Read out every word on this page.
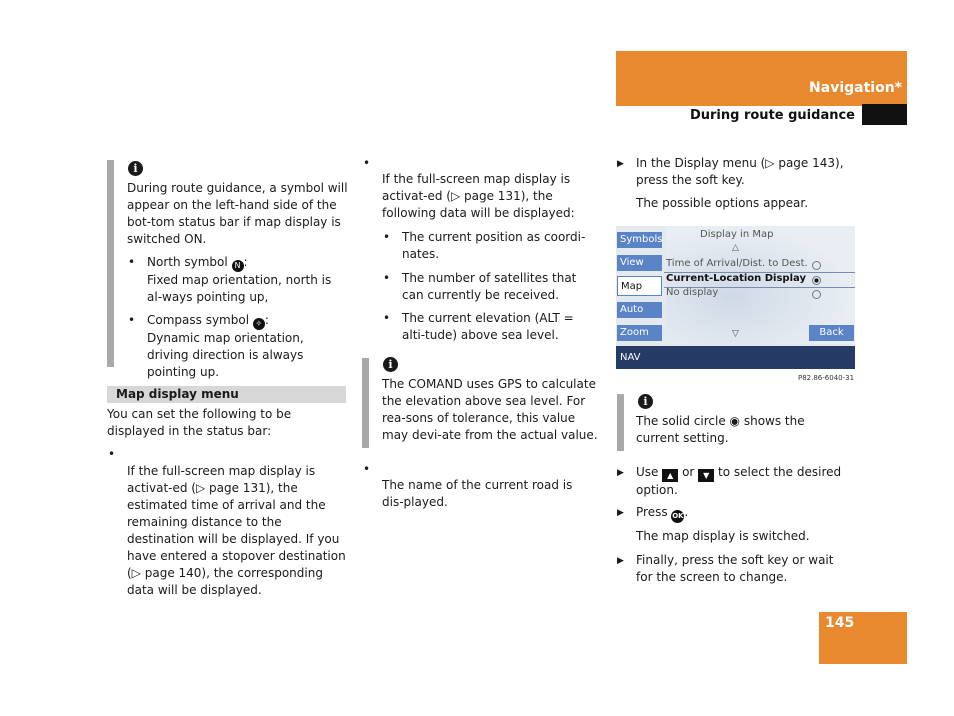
Navigation*
During route guidance
i
During route guidance, a symbol will appear on the left-hand side of the bot-tom status bar if map display is switched ON.
• North symbol N :
Fixed map orientation, north is al-ways pointing up,
• Compass symbol ✧ :
Dynamic map orientation, driving direction is always pointing up.
Map display menu
You can set the following to be displayed in the status bar:
•
If the full-screen map display is activat-ed (▷ page 131), the estimated time of arrival and the remaining distance to the destination will be displayed. If you have entered a stopover destination (▷ page 140), the corresponding data will be displayed.
•
If the full-screen map display is activat-ed (▷ page 131), the following data will be displayed:
• The current position as coordi-nates.
• The number of satellites that can currently be received.
• The current elevation (ALT = alti-tude) above sea level.
i
The COMAND uses GPS to calculate the elevation above sea level. For rea-sons of tolerance, this value may devi-ate from the actual value.
•
The name of the current road is dis-played.
▶ In the Display menu (▷ page 143), press the soft key.
The possible options appear.
Symbols
View
Map
Auto
Zoom
Display in Map
△
Time of Arrival/Dist. to Dest.
Current-Location Display
No display
▽	Back
NAV
P82.86-6040-31
i
The solid circle ◉ shows the current setting.
▶ Use ▲ or ▼ to select the desired option.
▶ Press OK.
The map display is switched.
▶ Finally, press the soft key or wait for the screen to change.
145
